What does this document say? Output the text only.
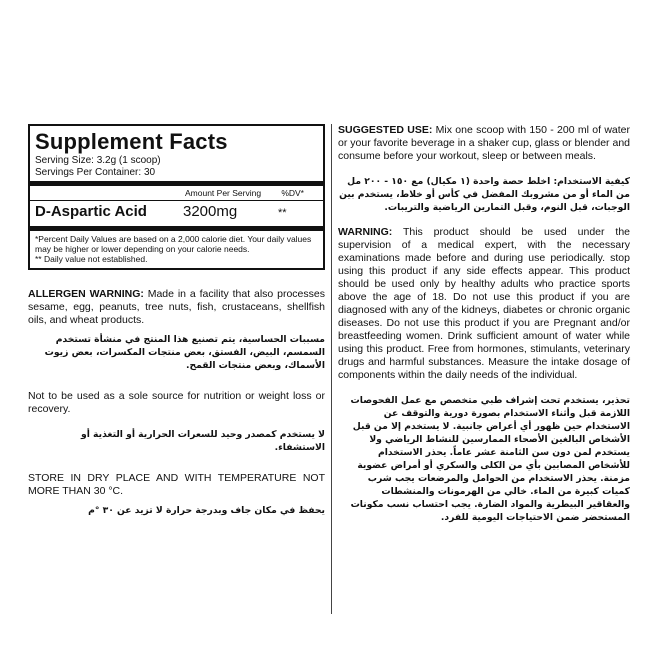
Supplement Facts
Serving Size: 3.2g (1 scoop)
Servings Per Container: 30
Amount Per Serving %DV*
D-Aspartic Acid	3200mg	**
*Percent Daily Values are based on a 2,000 calorie diet. Your daily values may be higher or lower depending on your calorie needs.
** Daily value not established.
ALLERGEN WARNING: Made in a facility that also processes sesame, egg, peanuts, tree nuts, fish, crustaceans, shellfish oils, and wheat products.
مسببات الحساسية، يتم تصنيع هذا المنتج في منشأة تستخدم السمسم، البيض، الفستق، بعض منتجات المكسرات، بعض زيوت الأسماك، وبعض منتجات القمح.
Not to be used as a sole source for nutrition or weight loss or recovery.
لا يستخدم كمصدر وحيد للسعرات الحرارية أو التغذية أو الاستشفاء.
STORE IN DRY PLACE AND WITH TEMPERATURE NOT MORE THAN 30 °C.
يحفظ في مكان جاف وبدرجة حرارة لا تزيد عن ٣٠ °م
SUGGESTED USE: Mix one scoop with 150 - 200 ml of water or your favorite beverage in a shaker cup, glass or blender and consume before your workout, sleep or between meals.
كيفية الاستخدام: اخلط حصة واحدة (١ مكيال) مع ١٥٠ - ٢٠٠ مل من الماء أو من مشروبك المفضل في كأس أو خلاط، يستخدم بين الوجبات، قبل النوم، وقبل التمارين الرياضية والتريبات.
WARNING: This product should be used under the supervision of a medical expert, with the necessary examinations made before and during use periodically. stop using this product if any side effects appear. This product should be used only by healthy adults who practice sports above the age of 18. Do not use this product if you are diagnosed with any of the kidneys, diabetes or chronic organic diseases. Do not use this product if you are Pregnant and/or breastfeeding women. Drink sufficient amount of water while using this product. Free from hormones, stimulants, veterinary drugs and harmful substances. Measure the intake dosage of components within the daily needs of the individual.
تحذير، يستخدم تحت إشراف طبي متخصص مع عمل الفحوصات اللازمة قبل وأثناء الاستخدام بصورة دورية والتوقف عن الاستخدام حين ظهور أي أعراض جانبية. لا يستخدم إلا من قبل الأشخاص البالغين الأصحاء الممارسين للنشاط الرياضي ولا يستخدم لمن دون سن الثامنة عشر عاماً. يحذر الاستخدام للأشخاص المصابين بأي من الكلى والسكري أو أمراض عضوية مزمنة. يحذر الاستخدام من الحوامل والمرضعات يجب شرب كميات كبيرة من الماء. خالي من الهرمونات والمنشطات والعقاقير البيطرية والمواد الضارة. يجب احتساب نسب مكونات المستحضر ضمن الاحتياجات اليومية للفرد.
